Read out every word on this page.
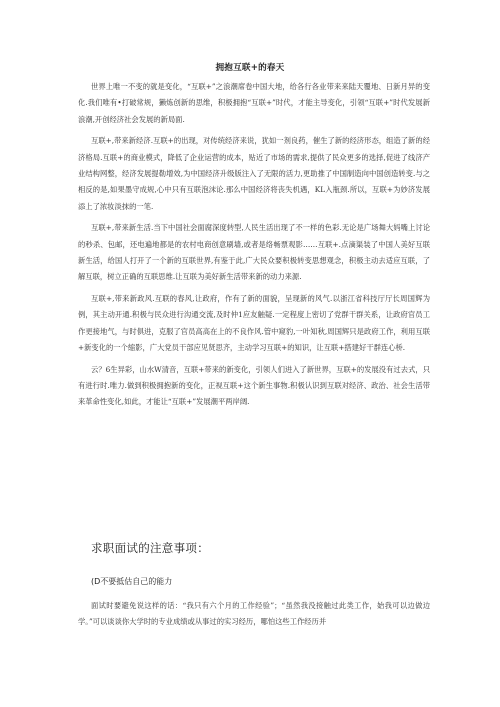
拥抱互联+的春天

世界上唯一不变的就是变化，“互联+”之浪潮席卷中国大地，给各行各业带来来陆天覆地、日新月异的变化.我们唯有•打破常规，獭炼创新的思维，积极拥抱“互联+”时代，才能主导变化，引领“互联+”时代发展新浪潮,开创经济社会发展的新局面.

互联+,带来新经济.互联+的出现，对传统经济来说，犹如一剂良药，催生了新的经济形态，组造了新的经济格局.互联+的商业模式，降低了企业运营的成本，贴近了市场的需求,提供了民众更多的选择,促进了线济产业结构网整，经济发展提勒增效,为中国经济升级版注入了无限的活力,更助推了中国制造向中国创造转变.与之相反的是,如果墨守成规,心中只有互联泡沫论.那么中国经济将丧失机遇，KL入瓶颈.所以，互联+为妙济发展添上了浓妆淡抹的一笔.

互联+,带来新生活.当下中国社会面腐深度转型,人民生活出现了不一样的色彩.无论是广场舞大妈嘴上讨论的秒杀、包邮，还电遍地都是的农村电商创意刷墙,或者是络畅票观影……互联+.点滴渠装了中国人美好互联新生活，给国人打开了一个新的互联世界,有鉴于此,广大民众要积极转变思想观念，积极主动去适应互联，了解互联，树立正确的互联思维.让互联为美好新生活带来新的动力来源.

互联+,带来新政风.互联的春风,让政府，作有了新的面貌，呈现新的风气.以浙江省科技厅厅长周国辉为例，其主动开通.积极与民众进行沟通交流,及时仲1应友触疑.一定程度上密切了党群干群关系，让政府官员工作更接地气，与时俱进，克服了官员高高在上的不良作风.管中窥豹,一叶知秋,周国辉只是政府工作，利用互联+新变化的一个缩影，广大党员干部应见贤思齐，主动学习互联+的知识，让互联+搭建好干群连心桥.

云？6生异彩，山水W清音，互联+带来的新变化，引领人们进入了新世界，互联+的发展没有过去式，只有进行时.唯力.做到积极拥抱新的变化，正视互联+这个新生事物.积极认识到互联对经济、政治、社会生活带来革命性变化,如此，才能让“互联+”发展潮平两岸阔.

求职面试的注意事项：
(D不要抵估自己的能力

面试时要避免说这样的话：“我只有六个月的工作经验”；“虽然我没接触过此类工作，始我可以边做边学。”可以谈谈你大学时的专业成绩或从事过的实习经历，哪怕这些工作经历并
